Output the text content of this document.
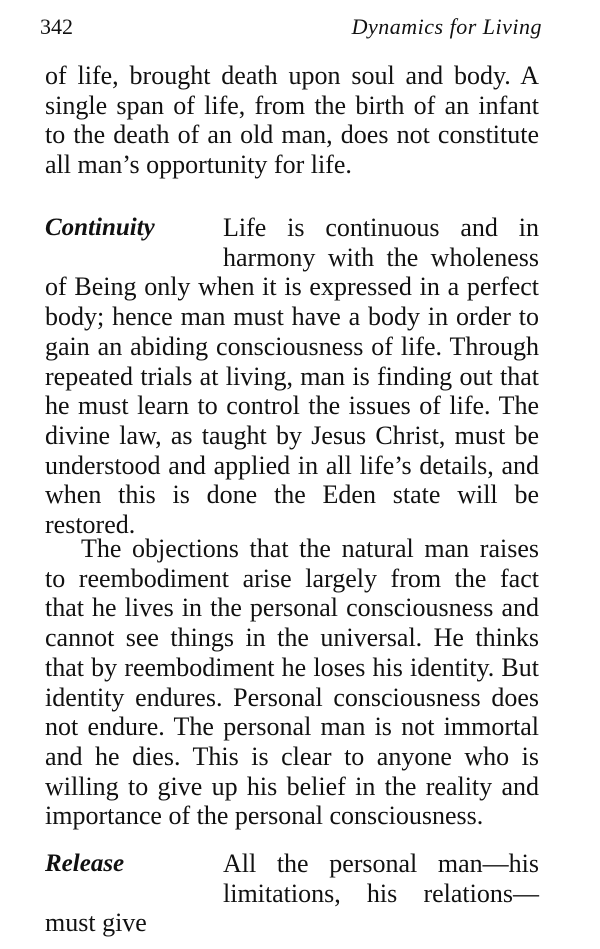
342	Dynamics for Living

of life, brought death upon soul and body. A single span of life, from the birth of an infant to the death of an old man, does not constitute all man’s opportunity for life.

Continuity	Life is continuous and in harmony with the wholeness of Being only when it is expressed in a perfect body; hence man must have a body in order to gain an abiding consciousness of life. Through repeated trials at living, man is finding out that he must learn to control the issues of life. The divine law, as taught by Jesus Christ, must be understood and applied in all life’s details, and when this is done the Eden state will be restored.

The objections that the natural man raises to reembodiment arise largely from the fact that he lives in the personal consciousness and cannot see things in the universal. He thinks that by reembodiment he loses his identity. But identity endures. Personal consciousness does not endure. The personal man is not immortal and he dies. This is clear to anyone who is willing to give up his belief in the reality and importance of the personal consciousness.

Release	All the personal man—his limitations, his relations—must give
